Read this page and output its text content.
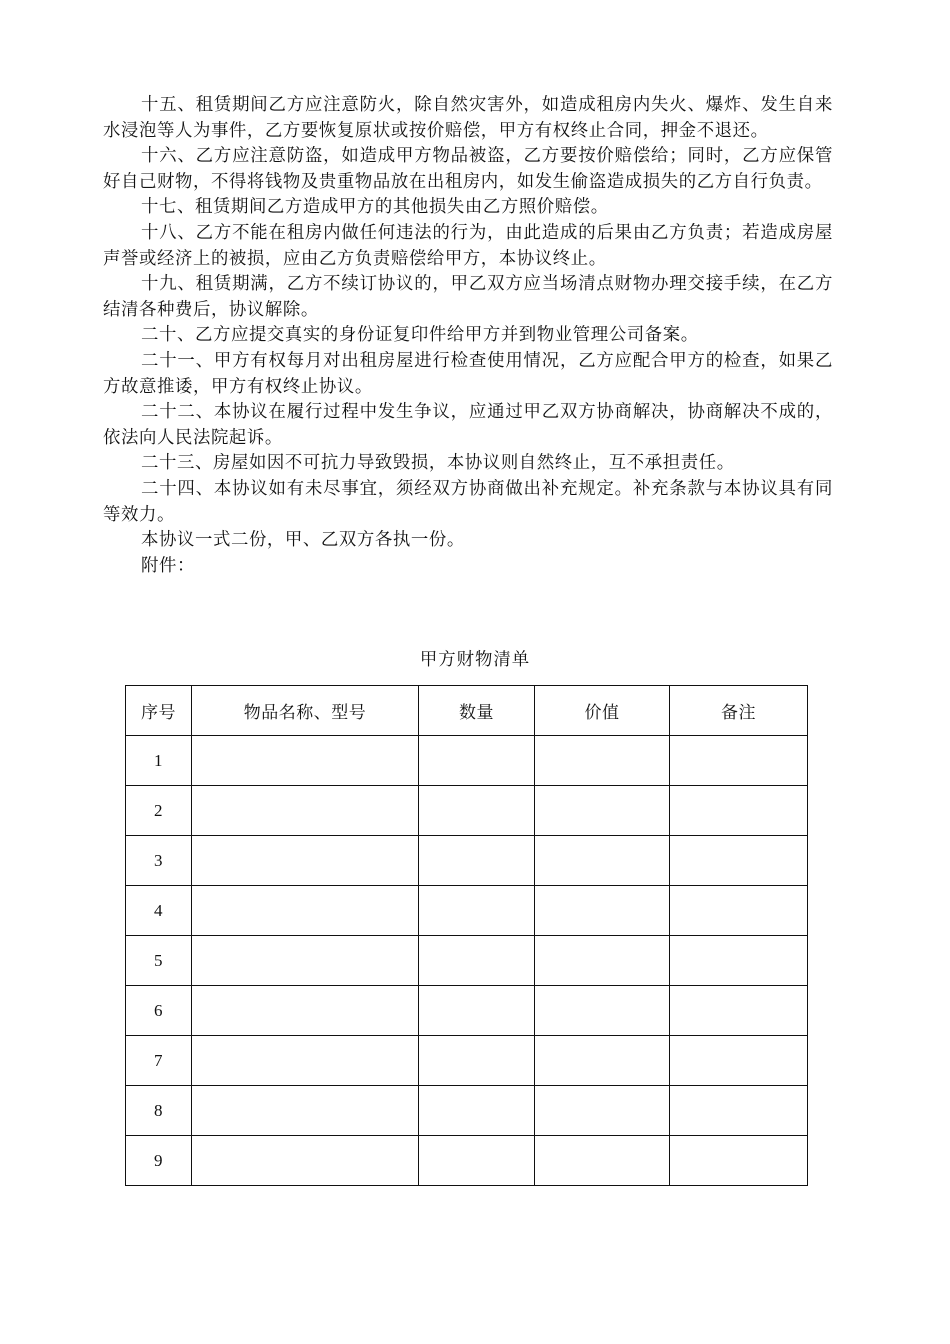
十五、租赁期间乙方应注意防火，除自然灾害外，如造成租房内失火、爆炸、发生自来水浸泡等人为事件，乙方要恢复原状或按价赔偿，甲方有权终止合同，押金不退还。

十六、乙方应注意防盗，如造成甲方物品被盗，乙方要按价赔偿给；同时，乙方应保管好自己财物，不得将钱物及贵重物品放在出租房内，如发生偷盗造成损失的乙方自行负责。

十七、租赁期间乙方造成甲方的其他损失由乙方照价赔偿。

十八、乙方不能在租房内做任何违法的行为，由此造成的后果由乙方负责；若造成房屋声誉或经济上的被损，应由乙方负责赔偿给甲方，本协议终止。

十九、租赁期满，乙方不续订协议的，甲乙双方应当场清点财物办理交接手续，在乙方结清各种费后，协议解除。

二十、乙方应提交真实的身份证复印件给甲方并到物业管理公司备案。

二十一、甲方有权每月对出租房屋进行检查使用情况，乙方应配合甲方的检查，如果乙方故意推诿，甲方有权终止协议。

二十二、本协议在履行过程中发生争议，应通过甲乙双方协商解决，协商解决不成的，依法向人民法院起诉。

二十三、房屋如因不可抗力导致毁损，本协议则自然终止，互不承担责任。

二十四、本协议如有未尽事宜，须经双方协商做出补充规定。补充条款与本协议具有同等效力。

本协议一式二份，甲、乙双方各执一份。

附件：

甲方财物清单

序号	物品名称、型号	数量	价值	备注
1				
2				
3				
4				
5				
6				
7				
8				
9				
